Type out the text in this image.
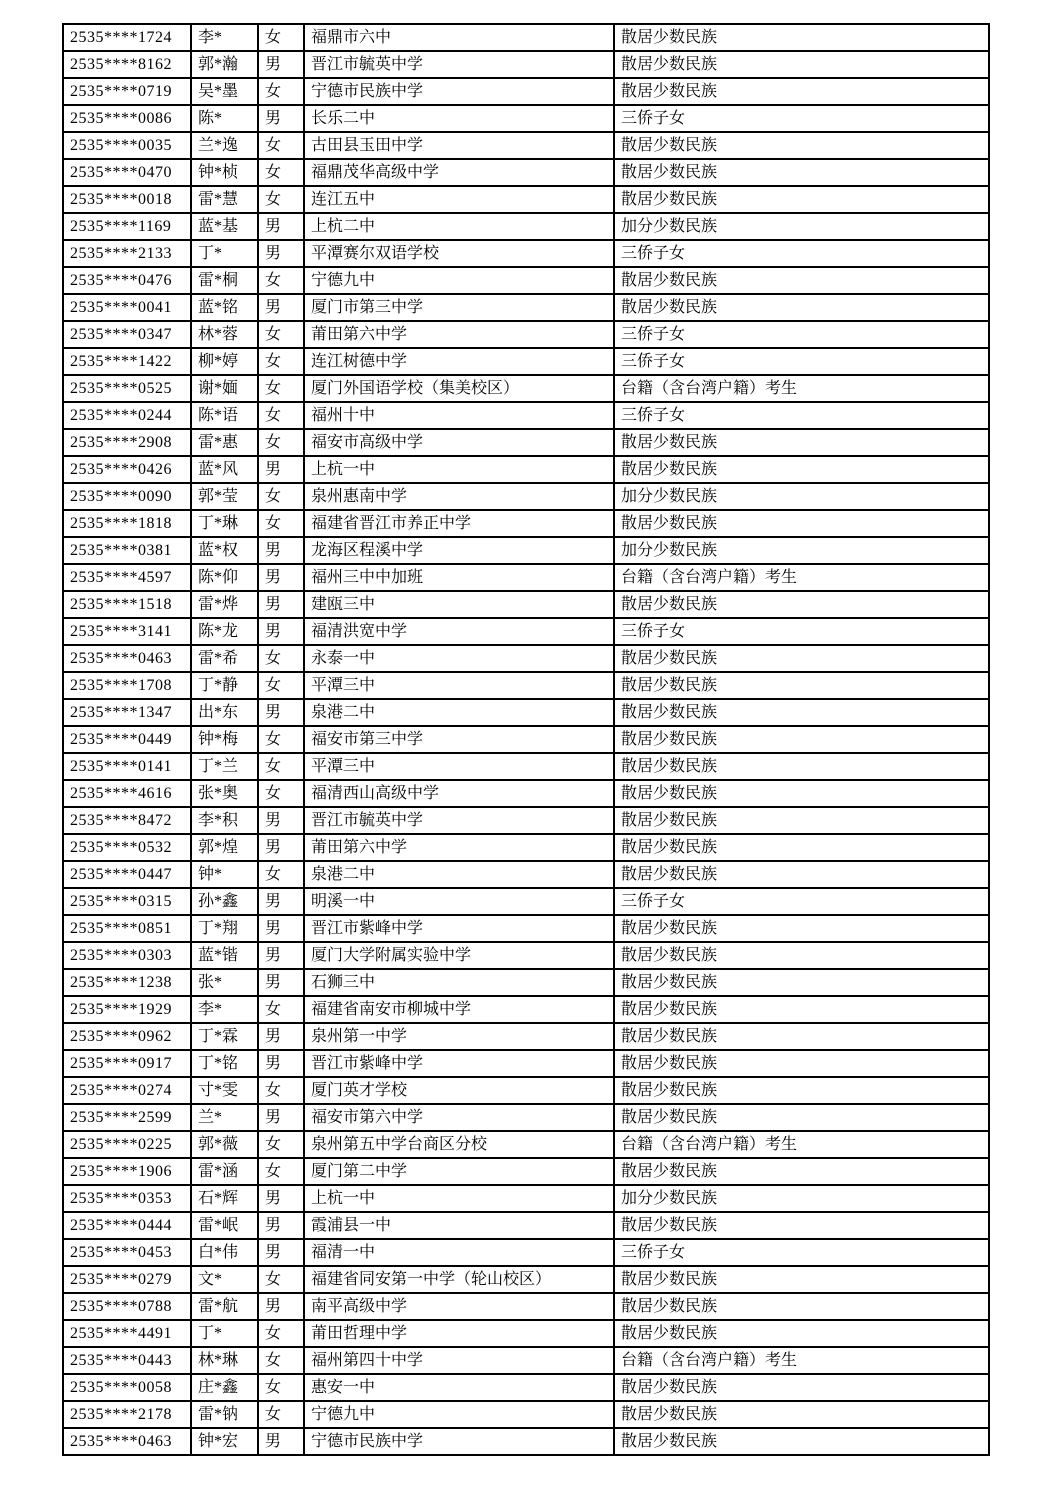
2535****1724	李*	女	福鼎市六中	散居少数民族
2535****8162	郭*瀚	男	晋江市毓英中学	散居少数民族
2535****0719	吴*墨	女	宁德市民族中学	散居少数民族
2535****0086	陈*	男	长乐二中	三侨子女
2535****0035	兰*逸	女	古田县玉田中学	散居少数民族
2535****0470	钟*桢	女	福鼎茂华高级中学	散居少数民族
2535****0018	雷*慧	女	连江五中	散居少数民族
2535****1169	蓝*基	男	上杭二中	加分少数民族
2535****2133	丁*	男	平潭赛尔双语学校	三侨子女
2535****0476	雷*桐	女	宁德九中	散居少数民族
2535****0041	蓝*铭	男	厦门市第三中学	散居少数民族
2535****0347	林*蓉	女	莆田第六中学	三侨子女
2535****1422	柳*婷	女	连江树德中学	三侨子女
2535****0525	谢*媔	女	厦门外国语学校（集美校区）	台籍（含台湾户籍）考生
2535****0244	陈*语	女	福州十中	三侨子女
2535****2908	雷*惠	女	福安市高级中学	散居少数民族
2535****0426	蓝*风	男	上杭一中	散居少数民族
2535****0090	郭*莹	女	泉州惠南中学	加分少数民族
2535****1818	丁*琳	女	福建省晋江市养正中学	散居少数民族
2535****0381	蓝*权	男	龙海区程溪中学	加分少数民族
2535****4597	陈*仰	男	福州三中中加班	台籍（含台湾户籍）考生
2535****1518	雷*烨	男	建瓯三中	散居少数民族
2535****3141	陈*龙	男	福清洪宽中学	三侨子女
2535****0463	雷*希	女	永泰一中	散居少数民族
2535****1708	丁*静	女	平潭三中	散居少数民族
2535****1347	出*东	男	泉港二中	散居少数民族
2535****0449	钟*梅	女	福安市第三中学	散居少数民族
2535****0141	丁*兰	女	平潭三中	散居少数民族
2535****4616	张*奥	女	福清西山高级中学	散居少数民族
2535****8472	李*积	男	晋江市毓英中学	散居少数民族
2535****0532	郭*煌	男	莆田第六中学	散居少数民族
2535****0447	钟*	女	泉港二中	散居少数民族
2535****0315	孙*鑫	男	明溪一中	三侨子女
2535****0851	丁*翔	男	晋江市紫峰中学	散居少数民族
2535****0303	蓝*锴	男	厦门大学附属实验中学	散居少数民族
2535****1238	张*	男	石狮三中	散居少数民族
2535****1929	李*	女	福建省南安市柳城中学	散居少数民族
2535****0962	丁*霖	男	泉州第一中学	散居少数民族
2535****0917	丁*铭	男	晋江市紫峰中学	散居少数民族
2535****0274	寸*雯	女	厦门英才学校	散居少数民族
2535****2599	兰*	男	福安市第六中学	散居少数民族
2535****0225	郭*薇	女	泉州第五中学台商区分校	台籍（含台湾户籍）考生
2535****1906	雷*涵	女	厦门第二中学	散居少数民族
2535****0353	石*辉	男	上杭一中	加分少数民族
2535****0444	雷*岷	男	霞浦县一中	散居少数民族
2535****0453	白*伟	男	福清一中	三侨子女
2535****0279	文*	女	福建省同安第一中学（轮山校区）	散居少数民族
2535****0788	雷*航	男	南平高级中学	散居少数民族
2535****4491	丁*	女	莆田哲理中学	散居少数民族
2535****0443	林*琳	女	福州第四十中学	台籍（含台湾户籍）考生
2535****0058	庄*鑫	女	惠安一中	散居少数民族
2535****2178	雷*钠	女	宁德九中	散居少数民族
2535****0463	钟*宏	男	宁德市民族中学	散居少数民族
